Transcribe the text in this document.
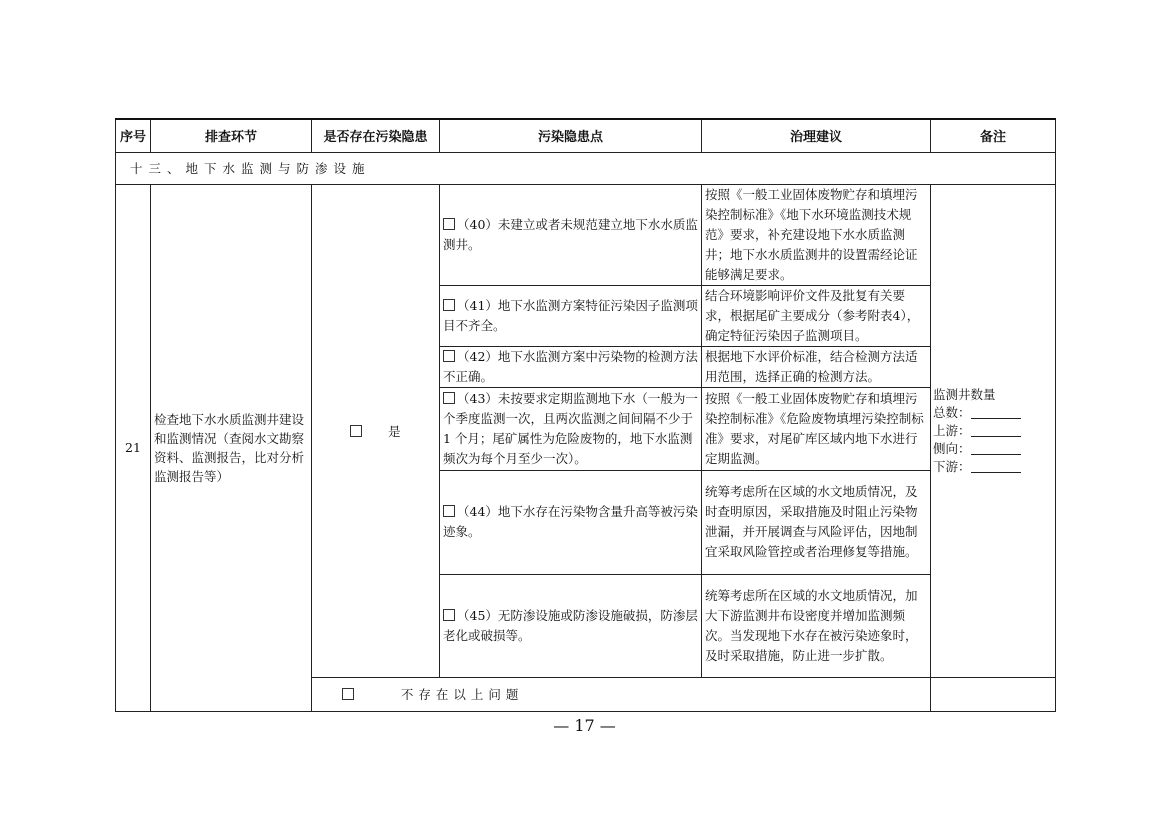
序号	排查环节	是否存在污染隐患	污染隐患点	治理建议	备注
十三、地下水监测与防渗设施					
21	检查地下水水质监测井建设和监测情况（查阅水文勘察资料、监测报告，比对分析监测报告等）	是	（40）未建立或者未规范建立地下水水质监测井。	按照《一般工业固体废物贮存和填埋污染控制标准》《地下水环境监测技术规范》要求，补充建设地下水水质监测井；地下水水质监测井的设置需经论证能够满足要求。	监测井数量
总数：
上游：
侧向：
下游：

			（41）地下水监测方案特征污染因子监测项目不齐全。	结合环境影响评价文件及批复有关要求，根据尾矿主要成分（参考附表4），确定特征污染因子监测项目。	
			（42）地下水监测方案中污染物的检测方法不正确。	根据地下水评价标准，结合检测方法适用范围，选择正确的检测方法。	
			（43）未按要求定期监测地下水（一般为一个季度监测一次，且两次监测之间间隔不少于 1 个月；尾矿属性为危险废物的，地下水监测频次为每个月至少一次）。	按照《一般工业固体废物贮存和填埋污染控制标准》《危险废物填埋污染控制标准》要求，对尾矿库区域内地下水进行定期监测。	
			（44）地下水存在污染物含量升高等被污染迹象。	统筹考虑所在区域的水文地质情况，及时查明原因，采取措施及时阻止污染物泄漏，并开展调查与风险评估，因地制宜采取风险管控或者治理修复等措施。	
			（45）无防渗设施或防渗设施破损，防渗层老化或破损等。	统筹考虑所在区域的水文地质情况，加大下游监测井布设密度并增加监测频次。当发现地下水存在被污染迹象时，及时采取措施，防止进一步扩散。	
		不存在以上问题			
— 17 —
